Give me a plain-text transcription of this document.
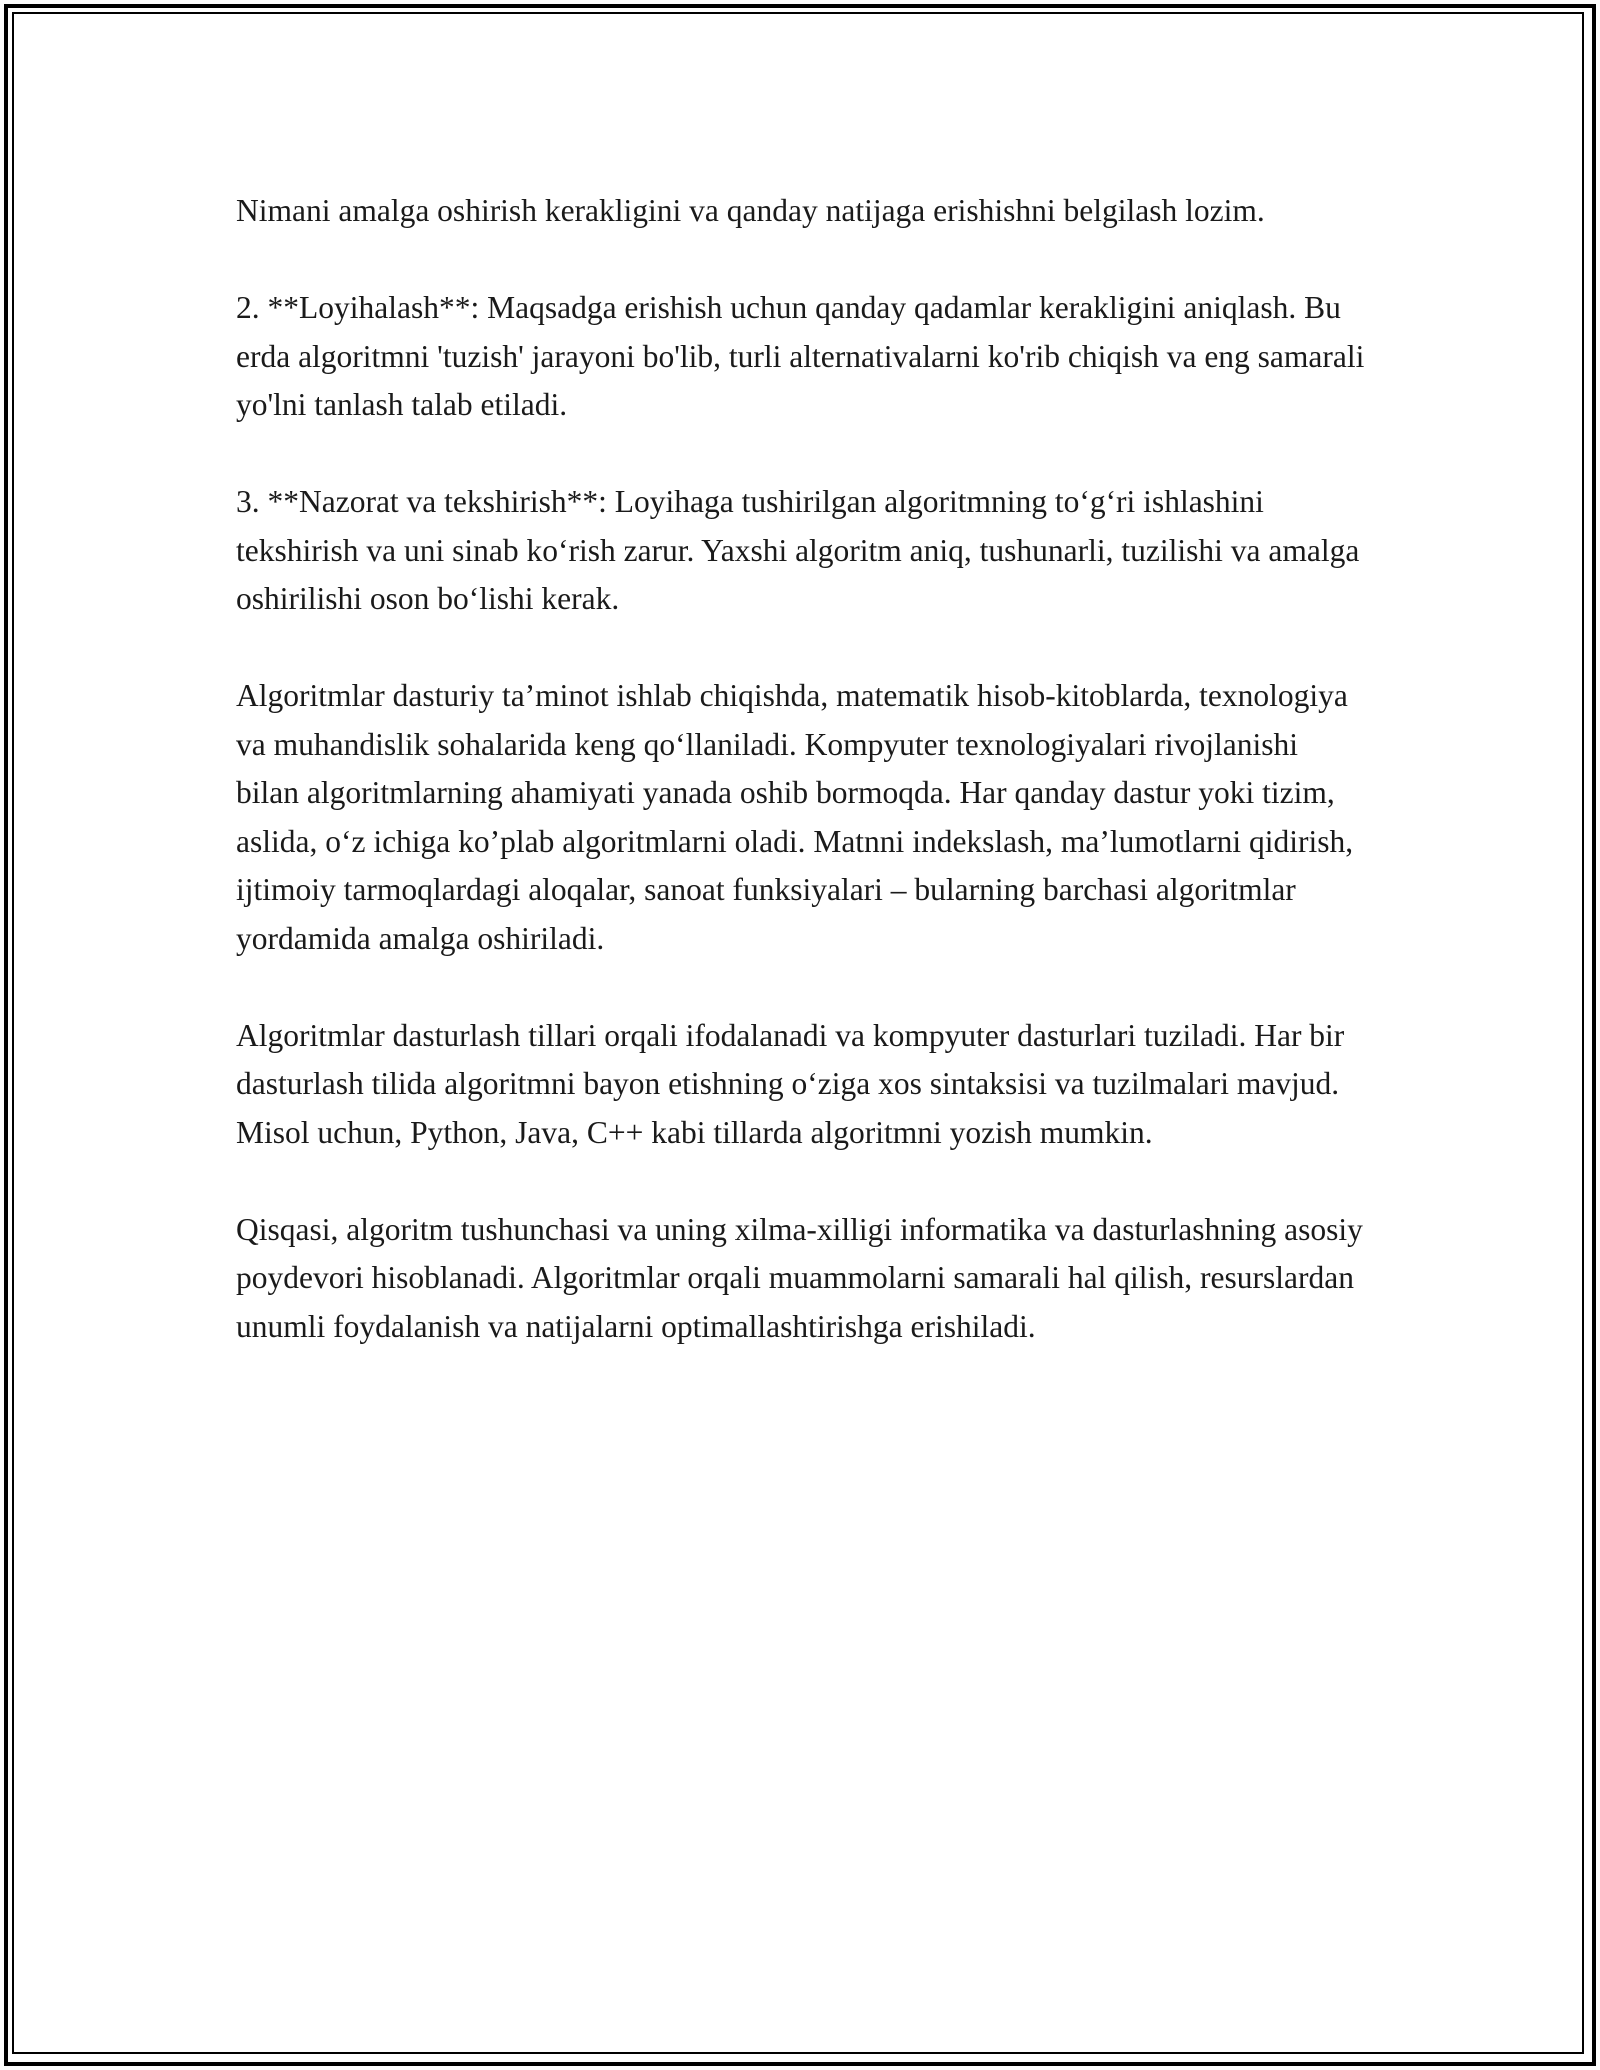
Nimani amalga oshirish kerakligini va qanday natijaga erishishni belgilash lozim.

2. **Loyihalash**: Maqsadga erishish uchun qanday qadamlar kerakligini aniqlash. Bu erda algoritmni 'tuzish' jarayoni bo'lib, turli alternativalarni ko'rib chiqish va eng samarali yo'lni tanlash talab etiladi.

3. **Nazorat va tekshirish**: Loyihaga tushirilgan algoritmning to‘g‘ri ishlashini tekshirish va uni sinab ko‘rish zarur. Yaxshi algoritm aniq, tushunarli, tuzilishi va amalga oshirilishi oson bo‘lishi kerak.

Algoritmlar dasturiy ta’minot ishlab chiqishda, matematik hisob-kitoblarda, texnologiya va muhandislik sohalarida keng qo‘llaniladi. Kompyuter texnologiyalari rivojlanishi bilan algoritmlarning ahamiyati yanada oshib bormoqda. Har qanday dastur yoki tizim, aslida, o‘z ichiga ko’plab algoritmlarni oladi. Matnni indekslash, ma’lumotlarni qidirish, ijtimoiy tarmoqlardagi aloqalar, sanoat funksiyalari – bularning barchasi algoritmlar yordamida amalga oshiriladi.

Algoritmlar dasturlash tillari orqali ifodalanadi va kompyuter dasturlari tuziladi. Har bir dasturlash tilida algoritmni bayon etishning o‘ziga xos sintaksisi va tuzilmalari mavjud. Misol uchun, Python, Java, C++ kabi tillarda algoritmni yozish mumkin.

Qisqasi, algoritm tushunchasi va uning xilma-xilligi informatika va dasturlashning asosiy poydevori hisoblanadi. Algoritmlar orqali muammolarni samarali hal qilish, resurslardan unumli foydalanish va natijalarni optimallashtirishga erishiladi.
